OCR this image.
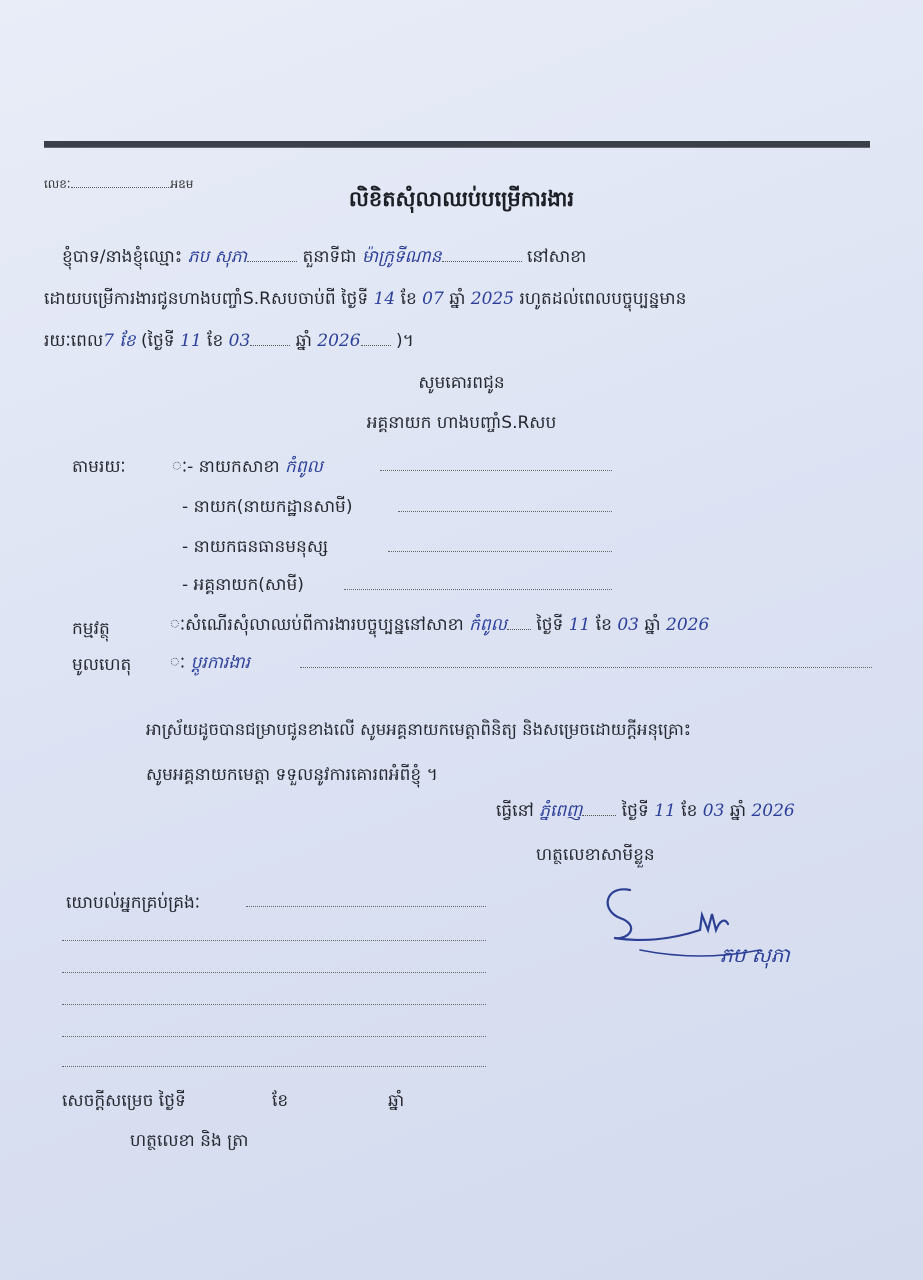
លេខៈ	អឧម
លិខិតសុំលាឈប់បម្រើការងារ
ខ្ញុំបាទ/នាងខ្ញុំឈ្មោះ ភប សុភា	តួនាទីជា ម៉ាក្រូទីណាន	នៅសាខា
ដោយបម្រើការងារជូនហាងបញ្ចាំS.Rសបចាប់ពី ថ្ងៃទី 14 ខែ 07 ឆ្នាំ 2025 រហូតដល់ពេលបច្ចុប្បន្នមាន
រយៈពេល7 ខែ (ថ្ងៃទី 11 ខែ 03	ឆ្នាំ 2026 )។
សូមគោរពជូន
អគ្គនាយក ហាងបញ្ចាំS.Rសប
តាមរយៈ	ៈ- នាយកសាខា កំពូល
- នាយក(នាយកដ្ឋានសាមី)
- នាយកធនធានមនុស្ស
- អគ្គនាយក(សាមី)
កម្មវត្ថុ	ៈសំណើរសុំលាឈប់ពីការងារបច្ចុប្បន្ននៅសាខា កំពូល ថ្ងៃទី 11 ខែ 03 ឆ្នាំ 2026
មូលហេតុ ៈ ប្តូរការងារ
អាស្រ័យដូចបានជម្រាបជូនខាងលើ សូមអគ្គនាយកមេត្តាពិនិត្យ និងសម្រេចដោយក្ដីអនុគ្រោះ
សូមអគ្គនាយកមេត្តា ទទួលនូវការគោរពអំពីខ្ញុំ ។
ធ្វើនៅ ភ្នំពេញ ថ្ងៃទី 11 ខែ 03 ឆ្នាំ 2026
ហត្ថលេខាសាមីខ្លួន
ភប សុភា
យោបល់អ្នកគ្រប់គ្រងៈ
សេចក្តីសម្រេច ថ្ងៃទី	ខែ	ឆ្នាំ
ហត្ថលេខា និង ត្រា
